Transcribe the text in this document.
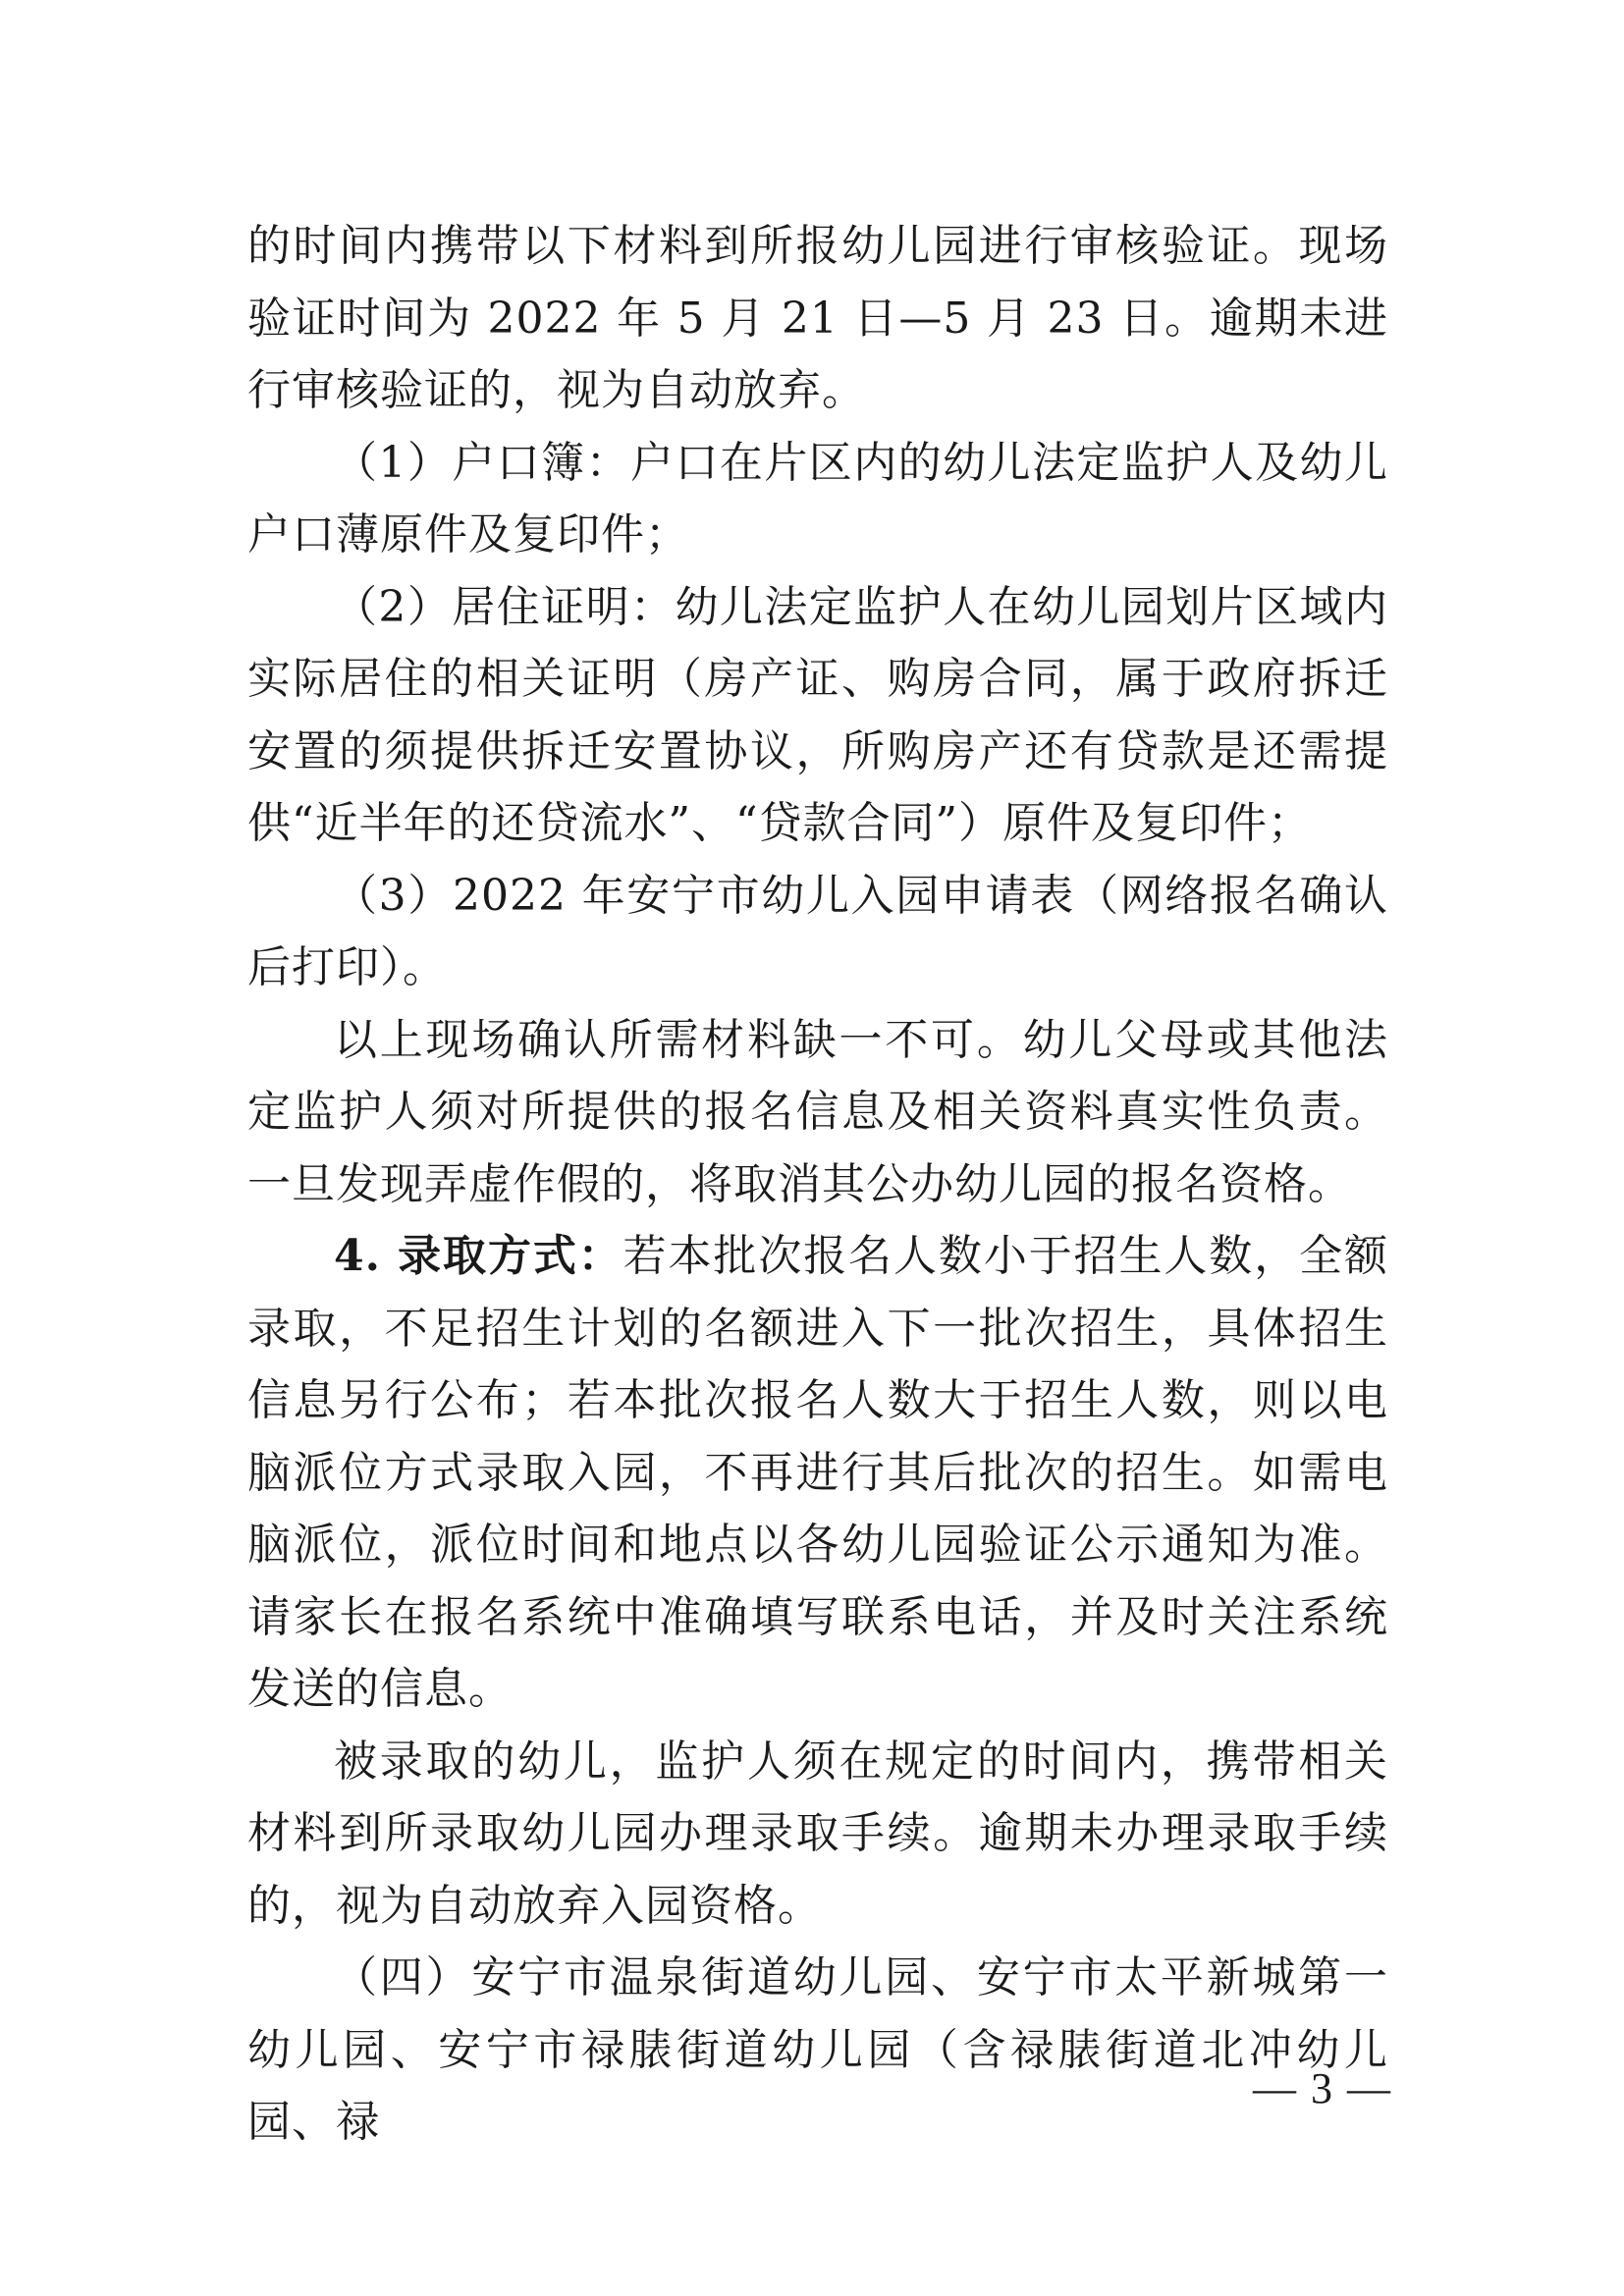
的时间内携带以下材料到所报幼儿园进行审核验证。现场验证时间为 2022 年 5 月 21 日—5 月 23 日。逾期未进行审核验证的，视为自动放弃。

（1）户口簿：户口在片区内的幼儿法定监护人及幼儿户口薄原件及复印件；

（2）居住证明：幼儿法定监护人在幼儿园划片区域内实际居住的相关证明（房产证、购房合同，属于政府拆迁安置的须提供拆迁安置协议，所购房产还有贷款是还需提供“近半年的还贷流水”、“贷款合同”）原件及复印件；

（3）2022 年安宁市幼儿入园申请表（网络报名确认后打印）。

以上现场确认所需材料缺一不可。幼儿父母或其他法定监护人须对所提供的报名信息及相关资料真实性负责。一旦发现弄虚作假的，将取消其公办幼儿园的报名资格。

4. 录取方式：若本批次报名人数小于招生人数，全额录取，不足招生计划的名额进入下一批次招生，具体招生信息另行公布；若本批次报名人数大于招生人数，则以电脑派位方式录取入园，不再进行其后批次的招生。如需电脑派位，派位时间和地点以各幼儿园验证公示通知为准。请家长在报名系统中准确填写联系电话，并及时关注系统发送的信息。

被录取的幼儿，监护人须在规定的时间内，携带相关材料到所录取幼儿园办理录取手续。逾期未办理录取手续的，视为自动放弃入园资格。

（四）安宁市温泉街道幼儿园、安宁市太平新城第一幼儿园、安宁市禄脿街道幼儿园（含禄脿街道北冲幼儿园、禄

— 3 —
